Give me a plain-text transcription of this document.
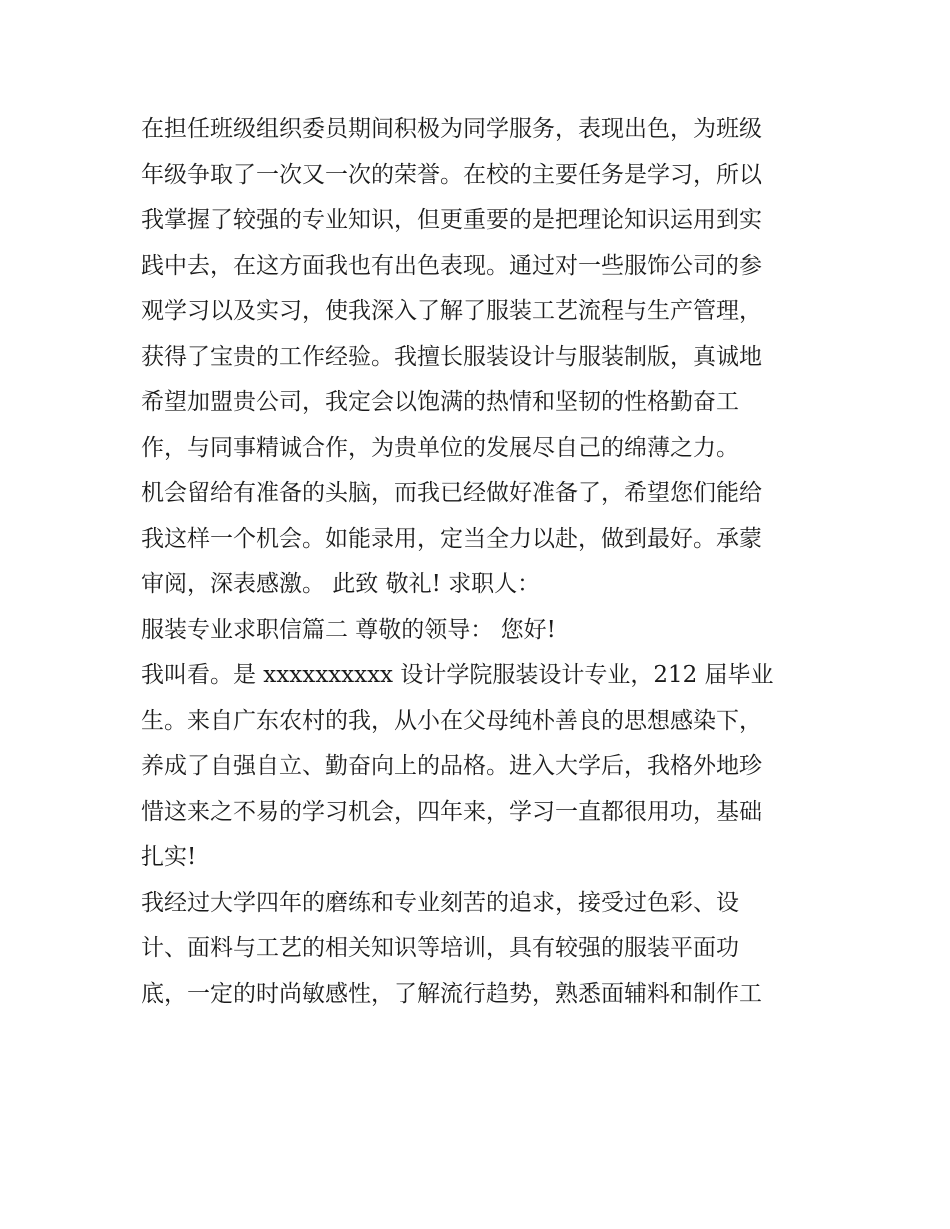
在担任班级组织委员期间积极为同学服务，表现出色，为班级
年级争取了一次又一次的荣誉。在校的主要任务是学习，所以
我掌握了较强的专业知识，但更重要的是把理论知识运用到实
践中去，在这方面我也有出色表现。通过对一些服饰公司的参
观学习以及实习，使我深入了解了服装工艺流程与生产管理，
获得了宝贵的工作经验。我擅长服装设计与服装制版，真诚地
希望加盟贵公司，我定会以饱满的热情和坚韧的性格勤奋工
作，与同事精诚合作，为贵单位的发展尽自己的绵薄之力。
机会留给有准备的头脑，而我已经做好准备了，希望您们能给
我这样一个机会。如能录用，定当全力以赴，做到最好。承蒙
审阅，深表感激。 此致 敬礼! 求职人：
服装专业求职信篇二 尊敬的领导： 您好!
我叫看。是 xxxxxxxxxx 设计学院服装设计专业，212 届毕业
生。来自广东农村的我，从小在父母纯朴善良的思想感染下，
养成了自强自立、勤奋向上的品格。进入大学后，我格外地珍
惜这来之不易的学习机会，四年来，学习一直都很用功，基础
扎实!
我经过大学四年的磨练和专业刻苦的追求，接受过色彩、设
计、面料与工艺的相关知识等培训，具有较强的服装平面功
底，一定的时尚敏感性，了解流行趋势，熟悉面辅料和制作工
